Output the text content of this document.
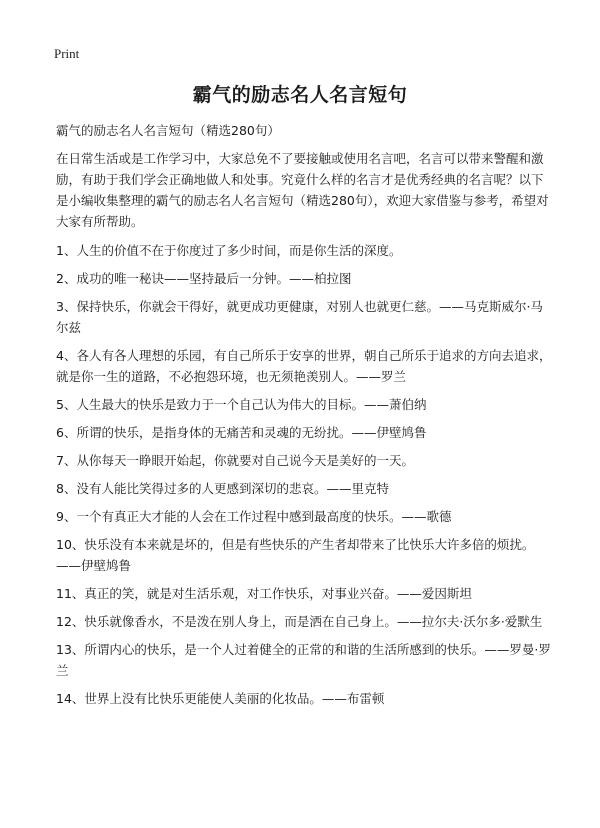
Print
霸气的励志名人名言短句

霸气的励志名人名言短句（精选280句）

在日常生活或是工作学习中，大家总免不了要接触或使用名言吧，名言可以带来警醒和激励，有助于我们学会正确地做人和处事。究竟什么样的名言才是优秀经典的名言呢？以下是小编收集整理的霸气的励志名人名言短句（精选280句），欢迎大家借鉴与参考，希望对大家有所帮助。

1、人生的价值不在于你度过了多少时间，而是你生活的深度。
2、成功的唯一秘诀——坚持最后一分钟。——柏拉图
3、保持快乐，你就会干得好，就更成功更健康，对别人也就更仁慈。——马克斯威尔·马尔兹
4、各人有各人理想的乐园，有自己所乐于安享的世界，朝自己所乐于追求的方向去追求，就是你一生的道路，不必抱怨环境，也无须艳羡别人。——罗兰
5、人生最大的快乐是致力于一个自己认为伟大的目标。——萧伯纳
6、所谓的快乐，是指身体的无痛苦和灵魂的无纷扰。——伊壁鸠鲁
7、从你每天一睁眼开始起，你就要对自己说今天是美好的一天。
8、没有人能比笑得过多的人更感到深切的悲哀。——里克特
9、一个有真正大才能的人会在工作过程中感到最高度的快乐。——歌德
10、快乐没有本来就是坏的，但是有些快乐的产生者却带来了比快乐大许多倍的烦扰。——伊壁鸠鲁
11、真正的笑，就是对生活乐观，对工作快乐，对事业兴奋。——爱因斯坦
12、快乐就像香水，不是泼在别人身上，而是洒在自己身上。——拉尔夫·沃尔多·爱默生
13、所谓内心的快乐，是一个人过着健全的正常的和谐的生活所感到的快乐。——罗曼·罗兰
14、世界上没有比快乐更能使人美丽的化妆品。——布雷顿
